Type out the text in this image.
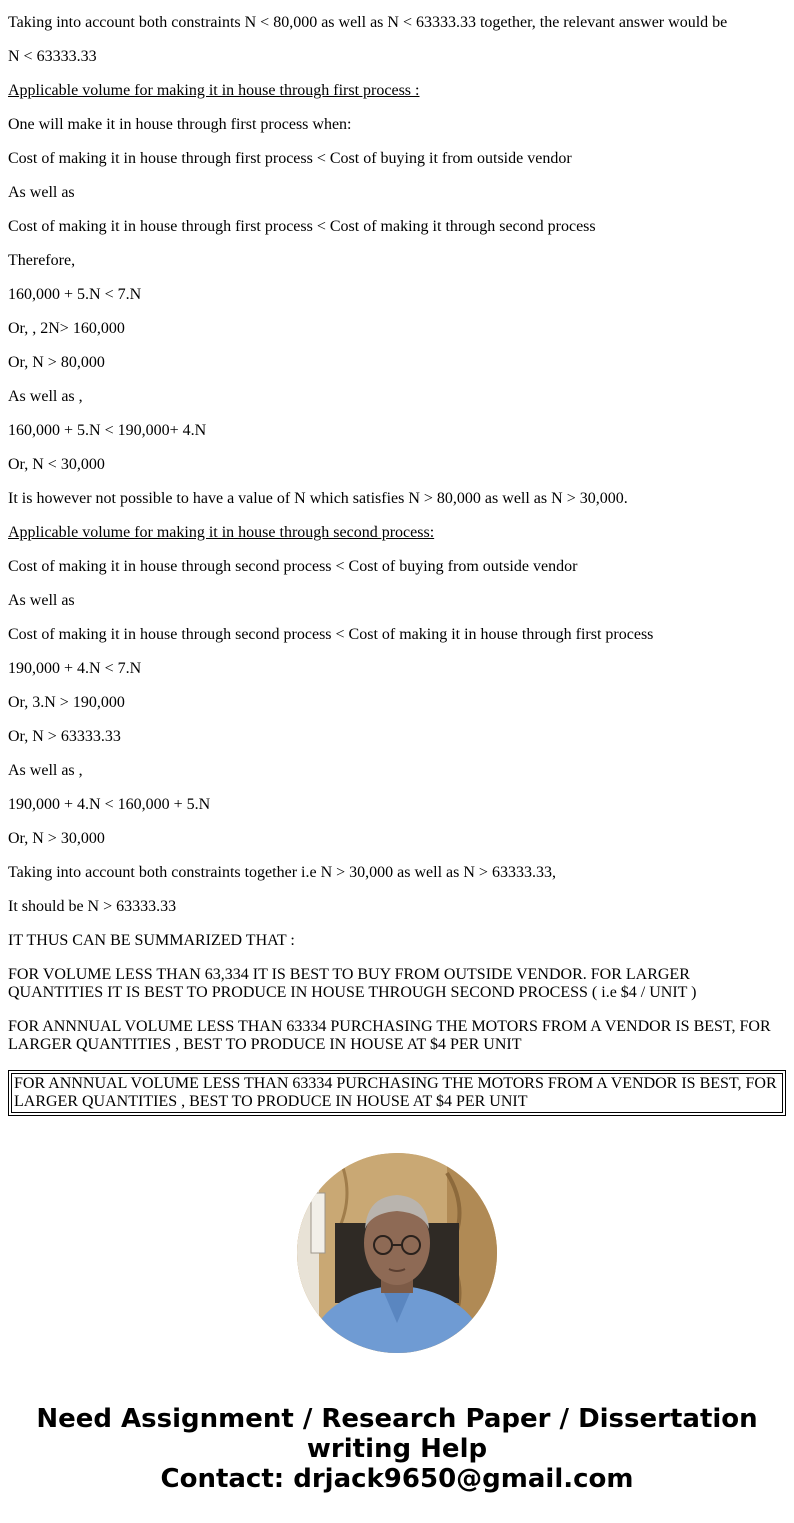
Taking into account both constraints N < 80,000 as well as N < 63333.33 together, the relevant answer would be

N < 63333.33

Applicable volume for making it in house through first process :

One will make it in house through first process when:

Cost of making it in house through first process < Cost of buying it from outside vendor

As well as

Cost of making it in house through first process < Cost of making it through second process

Therefore,

160,000 + 5.N < 7.N

Or, , 2N> 160,000

Or, N > 80,000

As well as ,

160,000 + 5.N < 190,000+ 4.N

Or, N < 30,000

It is however not possible to have a value of N which satisfies N > 80,000 as well as N > 30,000.

Applicable volume for making it in house through second process:

Cost of making it in house through second process < Cost of buying from outside vendor

As well as

Cost of making it in house through second process < Cost of making it in house through first process

190,000 + 4.N < 7.N

Or, 3.N > 190,000

Or, N > 63333.33

As well as ,

190,000 + 4.N < 160,000 + 5.N

Or, N > 30,000

Taking into account both constraints together i.e N > 30,000 as well as N > 63333.33,

It should be N > 63333.33

IT THUS CAN BE SUMMARIZED THAT :

FOR VOLUME LESS THAN 63,334 IT IS BEST TO BUY FROM OUTSIDE VENDOR. FOR LARGER QUANTITIES IT IS BEST TO PRODUCE IN HOUSE THROUGH SECOND PROCESS ( i.e $4 / UNIT )

FOR ANNNUAL VOLUME LESS THAN 63334 PURCHASING THE MOTORS FROM A VENDOR IS BEST, FOR LARGER QUANTITIES , BEST TO PRODUCE IN HOUSE AT $4 PER UNIT

FOR ANNNUAL VOLUME LESS THAN 63334 PURCHASING THE MOTORS FROM A VENDOR IS BEST, FOR LARGER QUANTITIES , BEST TO PRODUCE IN HOUSE AT $4 PER UNIT
Need Assignment / Research Paper / Dissertation writing Help
Contact: drjack9650@gmail.com
